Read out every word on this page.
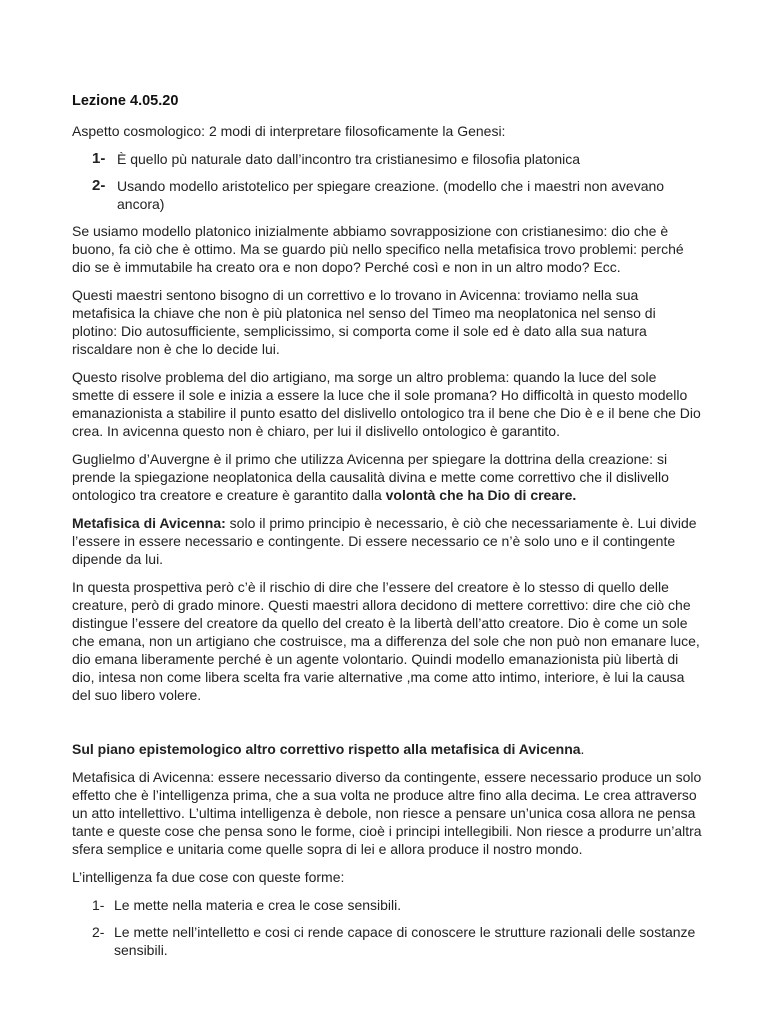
Lezione 4.05.20

Aspetto cosmologico: 2 modi di interpretare filosoficamente la Genesi:

1- È quello pù naturale dato dall’incontro tra cristianesimo e filosofia platonica
2- Usando modello aristotelico per spiegare creazione. (modello che i maestri non avevano ancora)

Se usiamo modello platonico inizialmente abbiamo sovrapposizione con cristianesimo: dio che è buono, fa ciò che è ottimo. Ma se guardo più nello specifico nella metafisica trovo problemi: perché dio se è immutabile ha creato ora e non dopo? Perché così e non in un altro modo? Ecc.

Questi maestri sentono bisogno di un correttivo e lo trovano in Avicenna: troviamo nella sua metafisica la chiave che non è più platonica nel senso del Timeo ma neoplatonica nel senso di plotino: Dio autosufficiente, semplicissimo, si comporta come il sole ed è dato alla sua natura riscaldare non è che lo decide lui.

Questo risolve problema del dio artigiano, ma sorge un altro problema: quando la luce del sole smette di essere il sole e inizia a essere la luce che il sole promana? Ho difficoltà in questo modello emanazionista a stabilire il punto esatto del dislivello ontologico tra il bene che Dio è e il bene che Dio crea. In avicenna questo non è chiaro, per lui il dislivello ontologico è garantito.

Guglielmo d’Auvergne è il primo che utilizza Avicenna per spiegare la dottrina della creazione: si prende la spiegazione neoplatonica della causalità divina e mette come correttivo che il dislivello ontologico tra creatore e creature è garantito dalla volontà che ha Dio di creare.

Metafisica di Avicenna: solo il primo principio è necessario, è ciò che necessariamente è. Lui divide l’essere in essere necessario e contingente. Di essere necessario ce n’è solo uno e il contingente dipende da lui.

In questa prospettiva però c’è il rischio di dire che l’essere del creatore è lo stesso di quello delle creature, però di grado minore. Questi maestri allora decidono di mettere correttivo: dire che ciò che distingue l’essere del creatore da quello del creato è la libertà dell’atto creatore. Dio è come un sole che emana, non un artigiano che costruisce, ma a differenza del sole che non può non emanare luce, dio emana liberamente perché è un agente volontario. Quindi modello emanazionista più libertà di dio, intesa non come libera scelta fra varie alternative ,ma come atto intimo, interiore, è lui la causa del suo libero volere.

Sul piano epistemologico altro correttivo rispetto alla metafisica di Avicenna.

Metafisica di Avicenna: essere necessario diverso da contingente, essere necessario produce un solo effetto che è l’intelligenza prima, che a sua volta ne produce altre fino alla decima. Le crea attraverso un atto intellettivo. L’ultima intelligenza è debole, non riesce a pensare un’unica cosa allora ne pensa tante e queste cose che pensa sono le forme, cioè i principi intellegibili. Non riesce a produrre un’altra sfera semplice e unitaria come quelle sopra di lei e allora produce il nostro mondo.

L’intelligenza fa due cose con queste forme:

1- Le mette nella materia e crea le cose sensibili.
2- Le mette nell’intelletto e cosi ci rende capace di conoscere le strutture razionali delle sostanze sensibili.
